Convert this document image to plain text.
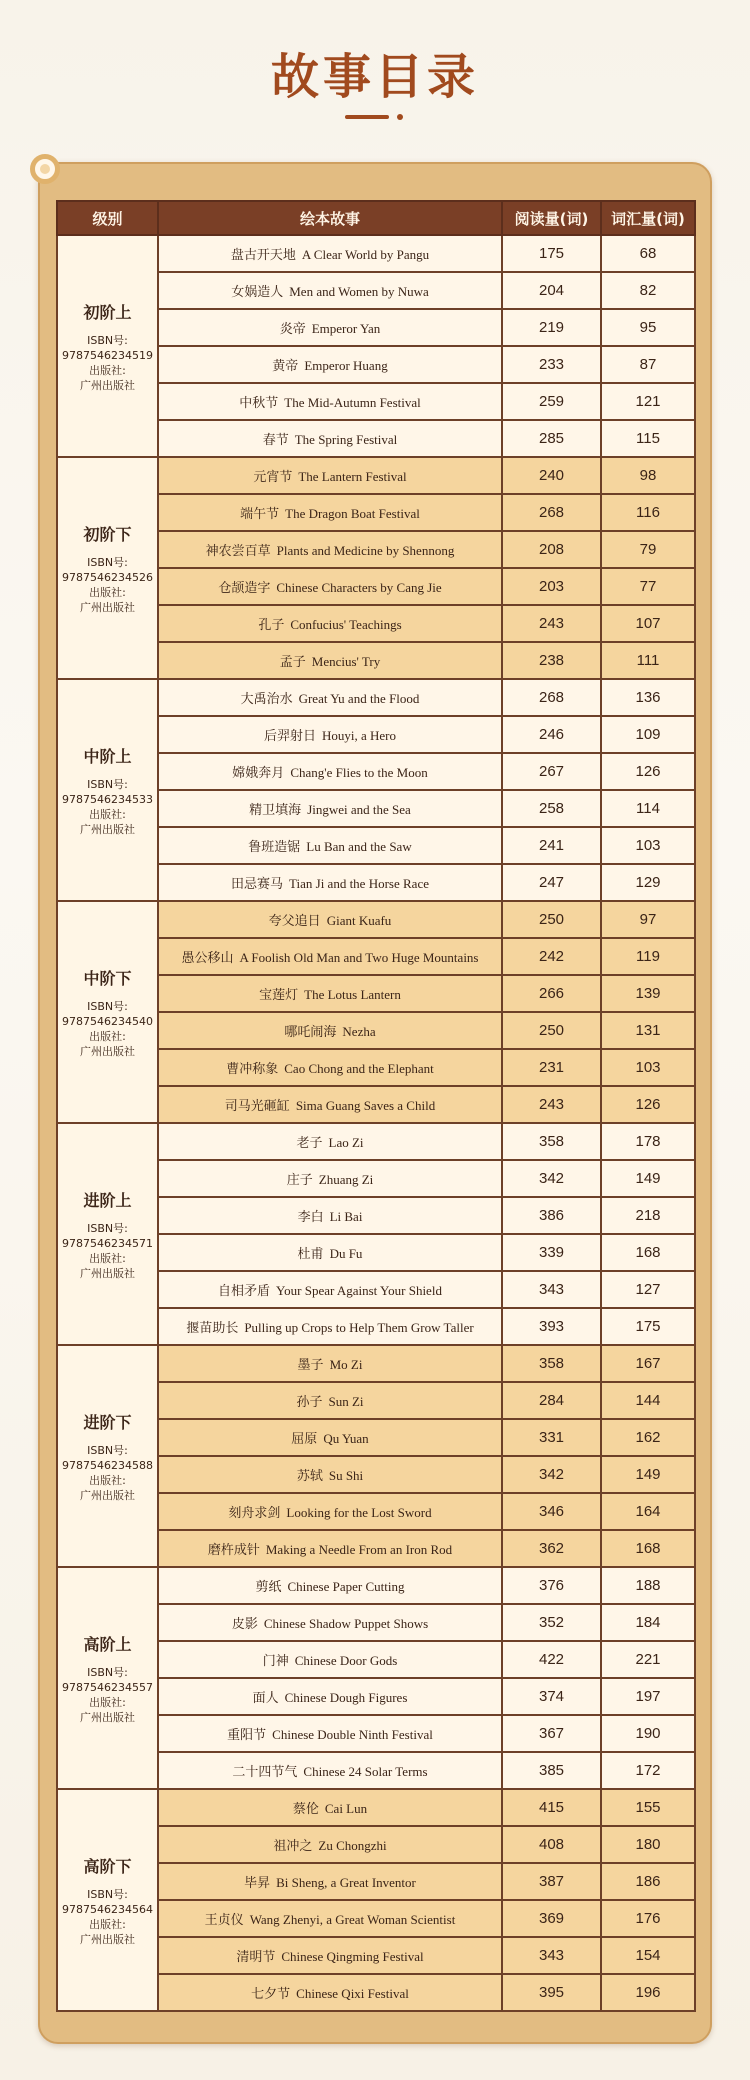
故事目录
级别	绘本故事	阅读量(词)	词汇量(词)

初阶上
ISBN号:
9787546234519
出版社:
广州出版社	盘古开天地 A Clear World by Pangu	175	68
	女娲造人 Men and Women by Nuwa	204	82
	炎帝 Emperor Yan	219	95
	黄帝 Emperor Huang	233	87
	中秋节 The Mid-Autumn Festival	259	121
	春节 The Spring Festival	285	115

初阶下
ISBN号:
9787546234526
出版社:
广州出版社	元宵节 The Lantern Festival	240	98
	端午节 The Dragon Boat Festival	268	116
	神农尝百草 Plants and Medicine by Shennong	208	79
	仓颉造字 Chinese Characters by Cang Jie	203	77
	孔子 Confucius' Teachings	243	107
	孟子 Mencius' Try	238	111

中阶上
ISBN号:
9787546234533
出版社:
广州出版社	大禹治水 Great Yu and the Flood	268	136
	后羿射日 Houyi, a Hero	246	109
	嫦娥奔月 Chang'e Flies to the Moon	267	126
	精卫填海 Jingwei and the Sea	258	114
	鲁班造锯 Lu Ban and the Saw	241	103
	田忌赛马 Tian Ji and the Horse Race	247	129

中阶下
ISBN号:
9787546234540
出版社:
广州出版社	夸父追日 Giant Kuafu	250	97
	愚公移山 A Foolish Old Man and Two Huge Mountains	242	119
	宝莲灯 The Lotus Lantern	266	139
	哪吒闹海 Nezha	250	131
	曹冲称象 Cao Chong and the Elephant	231	103
	司马光砸缸 Sima Guang Saves a Child	243	126

进阶上
ISBN号:
9787546234571
出版社:
广州出版社	老子 Lao Zi	358	178
	庄子 Zhuang Zi	342	149
	李白 Li Bai	386	218
	杜甫 Du Fu	339	168
	自相矛盾 Your Spear Against Your Shield	343	127
	揠苗助长 Pulling up Crops to Help Them Grow Taller	393	175

进阶下
ISBN号:
9787546234588
出版社:
广州出版社	墨子 Mo Zi	358	167
	孙子 Sun Zi	284	144
	屈原 Qu Yuan	331	162
	苏轼 Su Shi	342	149
	刻舟求剑 Looking for the Lost Sword	346	164
	磨杵成针 Making a Needle From an Iron Rod	362	168

高阶上
ISBN号:
9787546234557
出版社:
广州出版社	剪纸 Chinese Paper Cutting	376	188
	皮影 Chinese Shadow Puppet Shows	352	184
	门神 Chinese Door Gods	422	221
	面人 Chinese Dough Figures	374	197
	重阳节 Chinese Double Ninth Festival	367	190
	二十四节气 Chinese 24 Solar Terms	385	172

高阶下
ISBN号:
9787546234564
出版社:
广州出版社	蔡伦 Cai Lun	415	155
	祖冲之 Zu Chongzhi	408	180
	毕昇 Bi Sheng, a Great Inventor	387	186
	王贞仪 Wang Zhenyi, a Great Woman Scientist	369	176
	清明节 Chinese Qingming Festival	343	154
	七夕节 Chinese Qixi Festival	395	196
